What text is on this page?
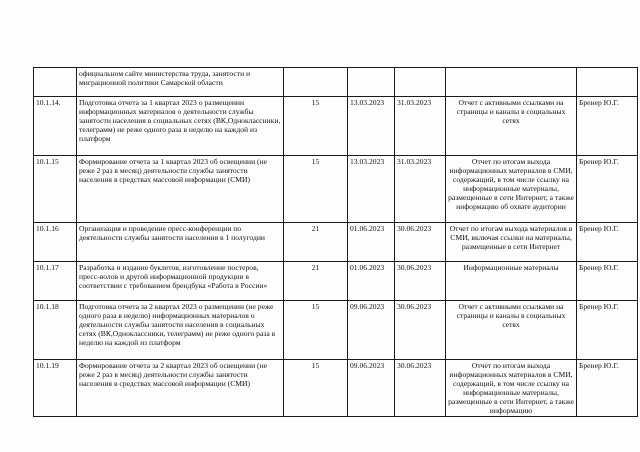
	официальном сайте министерства труда, занятости и миграционной политики Самарской области					
10.1.14.	Подготовка отчета за 1 квартал 2023 о размещении информационных материалов о деятельности службы занятости населения в социальных сетях (ВК,Одноклассники, телеграмм) не реже одного раза в неделю на каждой из платформ	15	13.03.2023	31.03.2023	Отчет с активными ссылками на страницы и каналы в социальных сетях	Бренер Ю.Г.
10.1.15	Формирование отчета за 1 квартал 2023 об освещении (не реже 2 раз в месяц) деятельности службы занятости населения в средствах массовой информации (СМИ)	15	13.03.2023	31.03.2023	Отчет по итогам выхода информационных материалов в СМИ, содержащий, в том числе ссылку на информационные материалы, размещенные в сети Интернет, а также информацию об охвате аудитории	Бренер Ю.Г.
10.1.16	Организация и проведение пресс-конференции по деятельности службы занятости населения в 1 полугодии	21	01.06.2023	30.06.2023	Отчет по итогам выхода материалов в СМИ, включая ссылки на материалы, размещенные в сети Интернет	Бренер Ю.Г.
10.1.17	Разработка и издание буклетов, изготовление постеров, пресс-волов и другой информационной продукции в соответствии с требованием брендбука «Работа в России»	21	01.06.2023	30.06.2023	Информационные материалы	Бренер Ю.Г.
10.1.18	Подготовка отчета за 2 квартал 2023 о размещении (не реже одного раза в неделю) информационных материалов о деятельности службы занятости населения в социальных сетях (ВК,Одноклассники, телеграмм) не реже одного раза в неделю на каждой из платформ	15	09.06.2023	30.06.2023	Отчет с активными ссылками на страницы и каналы в социальных сетях	Бренер Ю.Г.
10.1.19	Формирование отчета за 2 квартал 2023 об освещении (не реже 2 раз в месяц) деятельности службы занятости населения в средствах массовой информации (СМИ)	15	09.06.2023	30.06.2023	Отчет по итогам выхода информационных материалов в СМИ, содержащий, в том числе ссылку на информационные материалы, размещенные в сети Интернет, а также информацию	Бренер Ю.Г.
